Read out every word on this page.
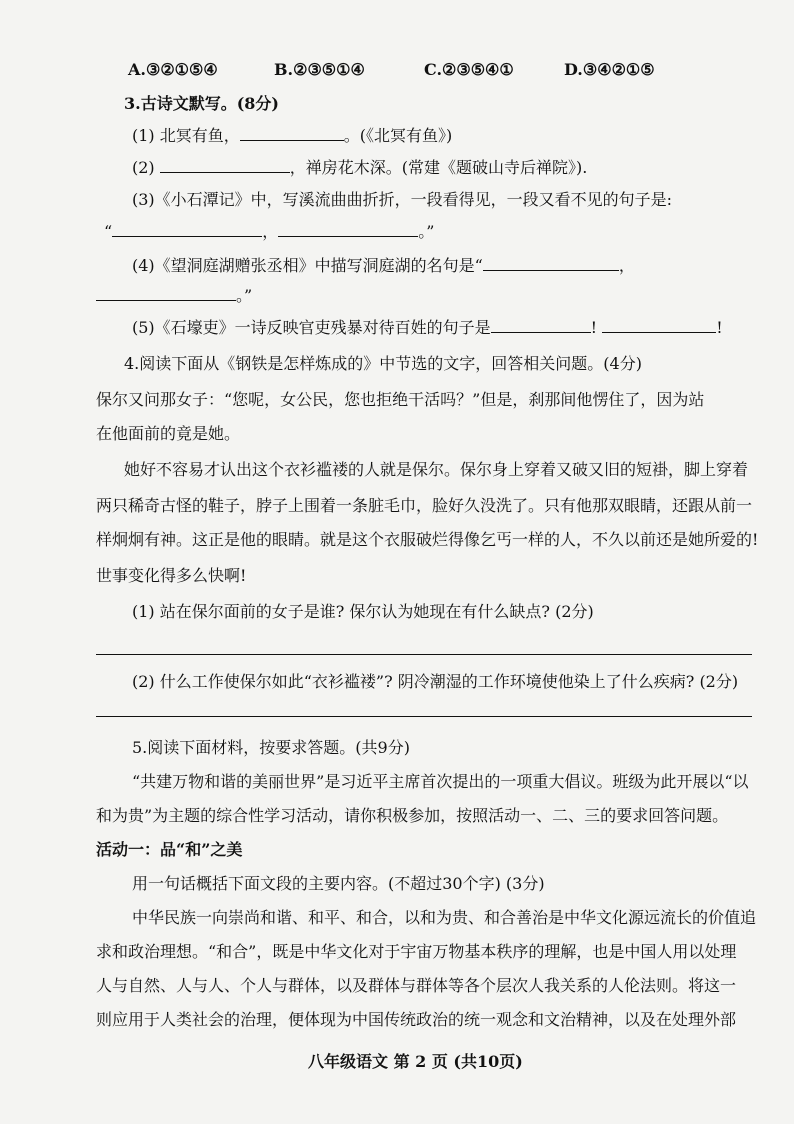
A.③②①⑤④	B.②③⑤①④	C.②③⑤④①	D.③④②①⑤
3.古诗文默写。(8分)
(1) 北冥有鱼，	。(《北冥有鱼》)
(2)	，禅房花木深。(常建《题破山寺后禅院》).
(3)《小石潭记》中，写溪流曲曲折折，一段看得见，一段又看不见的句子是:
“	，	。”
(4)《望洞庭湖赠张丞相》中描写洞庭湖的名句是“	，
。”
(5)《石壕吏》一诗反映官吏残暴对待百姓的句子是	!	!
4.阅读下面从《钢铁是怎样炼成的》中节选的文字，回答相关问题。(4分)
保尔又问那女子：“您呢，女公民，您也拒绝干活吗？”但是，刹那间他愣住了，因为站
在他面前的竟是她。
她好不容易才认出这个衣衫褴褛的人就是保尔。保尔身上穿着又破又旧的短褂，脚上穿着
两只稀奇古怪的鞋子，脖子上围着一条脏毛巾，脸好久没洗了。只有他那双眼睛，还跟从前一
样炯炯有神。这正是他的眼睛。就是这个衣服破烂得像乞丐一样的人，不久以前还是她所爱的!
世事变化得多么快啊!
(1) 站在保尔面前的女子是谁? 保尔认为她现在有什么缺点? (2分)
(2) 什么工作使保尔如此“衣衫褴褛”? 阴冷潮湿的工作环境使他染上了什么疾病? (2分)
5.阅读下面材料，按要求答题。(共9分)
“共建万物和谐的美丽世界”是习近平主席首次提出的一项重大倡议。班级为此开展以“以
和为贵”为主题的综合性学习活动，请你积极参加，按照活动一、二、三的要求回答问题。
活动一：品“和”之美
用一句话概括下面文段的主要内容。(不超过30个字) (3分)
中华民族一向崇尚和谐、和平、和合，以和为贵、和合善治是中华文化源远流长的价值追
求和政治理想。“和合”，既是中华文化对于宇宙万物基本秩序的理解，也是中国人用以处理
人与自然、人与人、个人与群体，以及群体与群体等各个层次人我关系的人伦法则。将这一
则应用于人类社会的治理，便体现为中国传统政治的统一观念和文治精神，以及在处理外部
八年级语文 第 2 页 (共10页)
